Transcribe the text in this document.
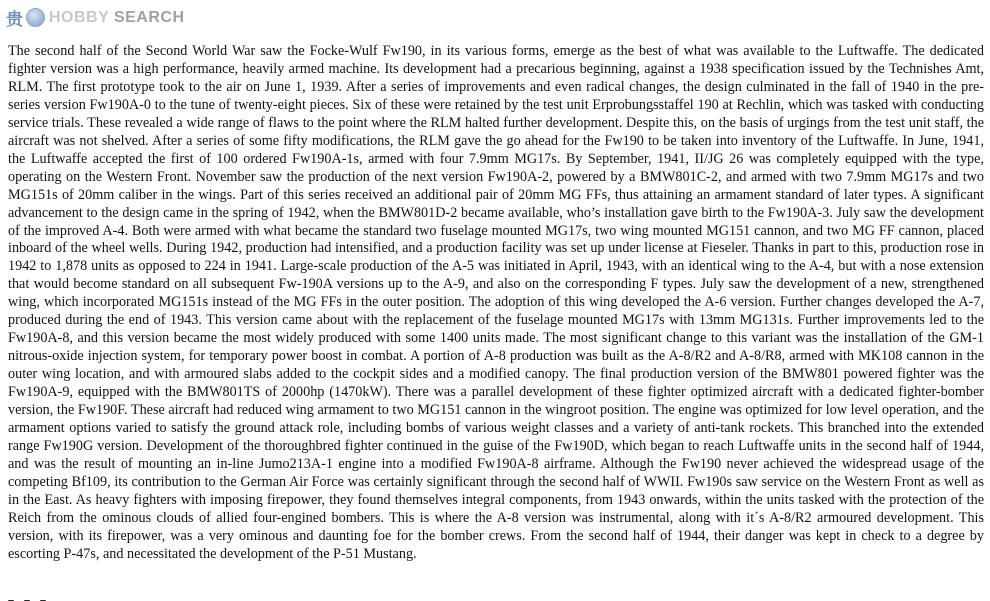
贵 HOBBY SEARCH

The second half of the Second World War saw the Focke-Wulf Fw190, in its various forms, emerge as the best of what was available to the Luftwaffe. The dedicated fighter version was a high performance, heavily armed machine. Its development had a precarious beginning, against a 1938 specification issued by the Technishes Amt, RLM. The first prototype took to the air on June 1, 1939. After a series of improvements and even radical changes, the design culminated in the fall of 1940 in the pre-series version Fw190A-0 to the tune of twenty-eight pieces. Six of these were retained by the test unit Erprobungsstaffel 190 at Rechlin, which was tasked with conducting service trials. These revealed a wide range of flaws to the point where the RLM halted further development. Despite this, on the basis of urgings from the test unit staff, the aircraft was not shelved. After a series of some fifty modifications, the RLM gave the go ahead for the Fw190 to be taken into inventory of the Luftwaffe. In June, 1941, the Luftwaffe accepted the first of 100 ordered Fw190A-1s, armed with four 7.9mm MG17s. By September, 1941, II/JG 26 was completely equipped with the type, operating on the Western Front. November saw the production of the next version Fw190A-2, powered by a BMW801C-2, and armed with two 7.9mm MG17s and two MG151s of 20mm caliber in the wings. Part of this series received an additional pair of 20mm MG FFs, thus attaining an armament standard of later types. A significant advancement to the design came in the spring of 1942, when the BMW801D-2 became available, who’s installation gave birth to the Fw190A-3. July saw the development of the improved A-4. Both were armed with what became the standard two fuselage mounted MG17s, two wing mounted MG151 cannon, and two MG FF cannon, placed inboard of the wheel wells. During 1942, production had intensified, and a production facility was set up under license at Fieseler. Thanks in part to this, production rose in 1942 to 1,878 units as opposed to 224 in 1941. Large-scale production of the A-5 was initiated in April, 1943, with an identical wing to the A-4, but with a nose extension that would become standard on all subsequent Fw-190A versions up to the A-9, and also on the corresponding F types. July saw the development of a new, strengthened wing, which incorporated MG151s instead of the MG FFs in the outer position. The adoption of this wing developed the A-6 version. Further changes developed the A-7, produced during the end of 1943. This version came about with the replacement of the fuselage mounted MG17s with 13mm MG131s. Further improvements led to the Fw190A-8, and this version became the most widely produced with some 1400 units made. The most significant change to this variant was the installation of the GM-1 nitrous-oxide injection system, for temporary power boost in combat. A portion of A-8 production was built as the A-8/R2 and A-8/R8, armed with MK108 cannon in the outer wing location, and with armoured slabs added to the cockpit sides and a modified canopy. The final production version of the BMW801 powered fighter was the Fw190A-9, equipped with the BMW801TS of 2000hp (1470kW). There was a parallel development of these fighter optimized aircraft with a dedicated fighter-bomber version, the Fw190F. These aircraft had reduced wing armament to two MG151 cannon in the wingroot position. The engine was optimized for low level operation, and the armament options varied to satisfy the ground attack role, including bombs of various weight classes and a variety of anti-tank rockets. This branched into the extended range Fw190G version. Development of the thoroughbred fighter continued in the guise of the Fw190D, which began to reach Luftwaffe units in the second half of 1944, and was the result of mounting an in-line Jumo213A-1 engine into a modified Fw190A-8 airframe. Although the Fw190 never achieved the widespread usage of the competing Bf109, its contribution to the German Air Force was certainly significant through the second half of WWII. Fw190s saw service on the Western Front as well as in the East. As heavy fighters with imposing firepower, they found themselves integral components, from 1943 onwards, within the units tasked with the protection of the Reich from the ominous clouds of allied four-engined bombers. This is where the A-8 version was instrumental, along with it´s A-8/R2 armoured development. This version, with its firepower, was a very ominous and daunting foe for the bomber crews. From the second half of 1944, their danger was kept in check to a degree by escorting P-47s, and necessitated the development of the P-51 Mustang.
